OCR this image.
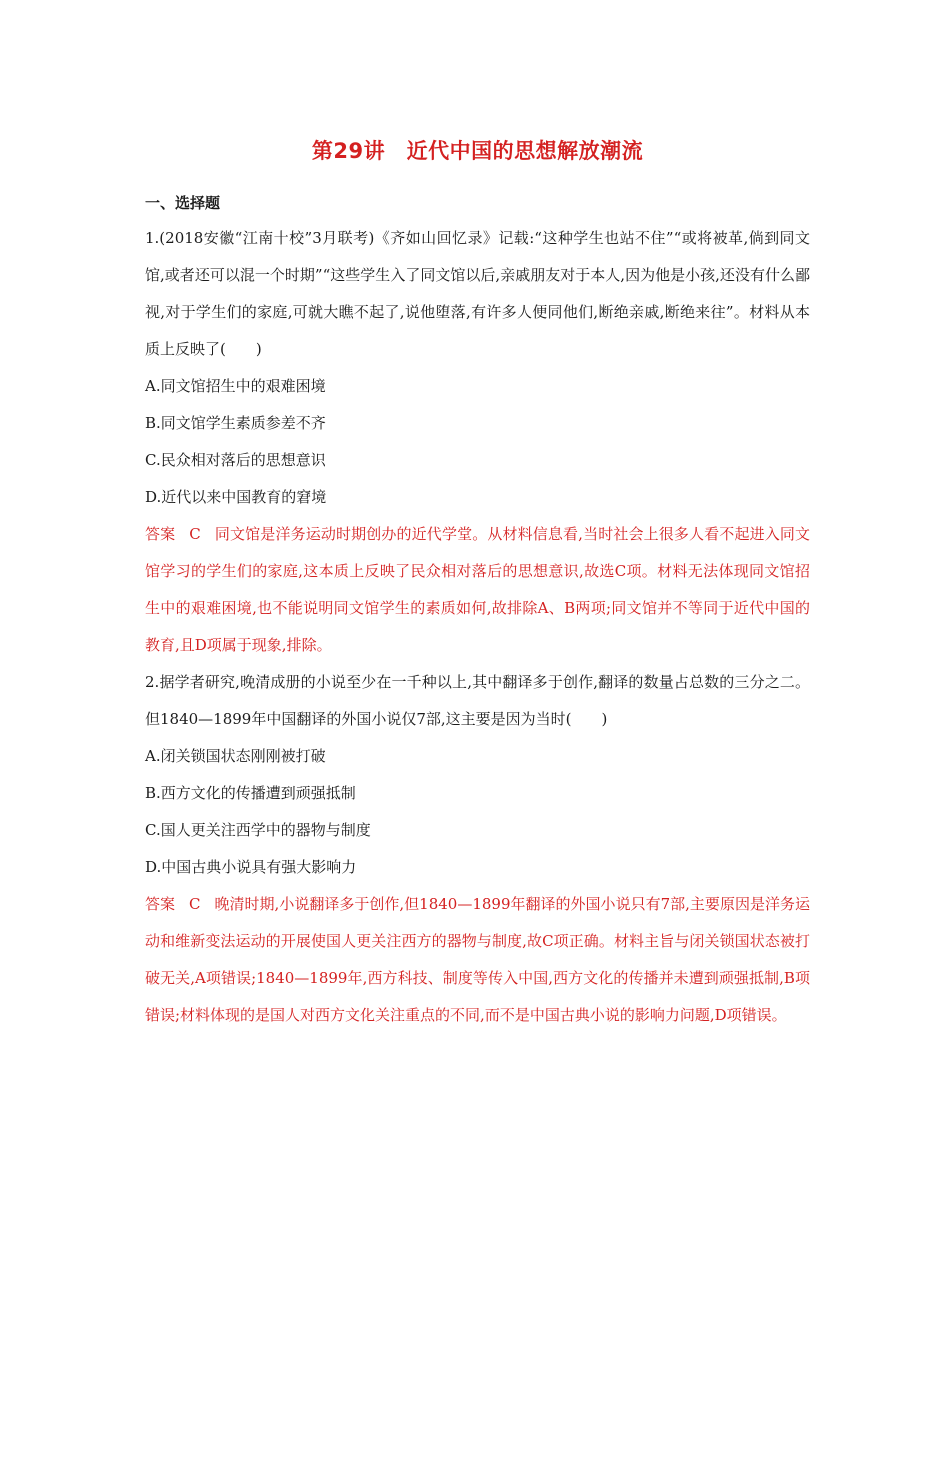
第29讲　近代中国的思想解放潮流
一、选择题
1.(2018安徽“江南十校”3月联考)《齐如山回忆录》记载:“这种学生也站不住”“或将被革,倘到同文馆,或者还可以混一个时期”“这些学生入了同文馆以后,亲戚朋友对于本人,因为他是小孩,还没有什么鄙视,对于学生们的家庭,可就大瞧不起了,说他堕落,有许多人便同他们,断绝亲戚,断绝来往”。材料从本质上反映了(　　)
A.同文馆招生中的艰难困境
B.同文馆学生素质参差不齐
C.民众相对落后的思想意识
D.近代以来中国教育的窘境
答案 C 同文馆是洋务运动时期创办的近代学堂。从材料信息看,当时社会上很多人看不起进入同文馆学习的学生们的家庭,这本质上反映了民众相对落后的思想意识,故选C项。材料无法体现同文馆招生中的艰难困境,也不能说明同文馆学生的素质如何,故排除A、B两项;同文馆并不等同于近代中国的教育,且D项属于现象,排除。
2.据学者研究,晚清成册的小说至少在一千种以上,其中翻译多于创作,翻译的数量占总数的三分之二。但1840—1899年中国翻译的外国小说仅7部,这主要是因为当时(　　)
A.闭关锁国状态刚刚被打破
B.西方文化的传播遭到顽强抵制
C.国人更关注西学中的器物与制度
D.中国古典小说具有强大影响力
答案 C 晚清时期,小说翻译多于创作,但1840—1899年翻译的外国小说只有7部,主要原因是洋务运动和维新变法运动的开展使国人更关注西方的器物与制度,故C项正确。材料主旨与闭关锁国状态被打破无关,A项错误;1840—1899年,西方科技、制度等传入中国,西方文化的传播并未遭到顽强抵制,B项错误;材料体现的是国人对西方文化关注重点的不同,而不是中国古典小说的影响力问题,D项错误。
